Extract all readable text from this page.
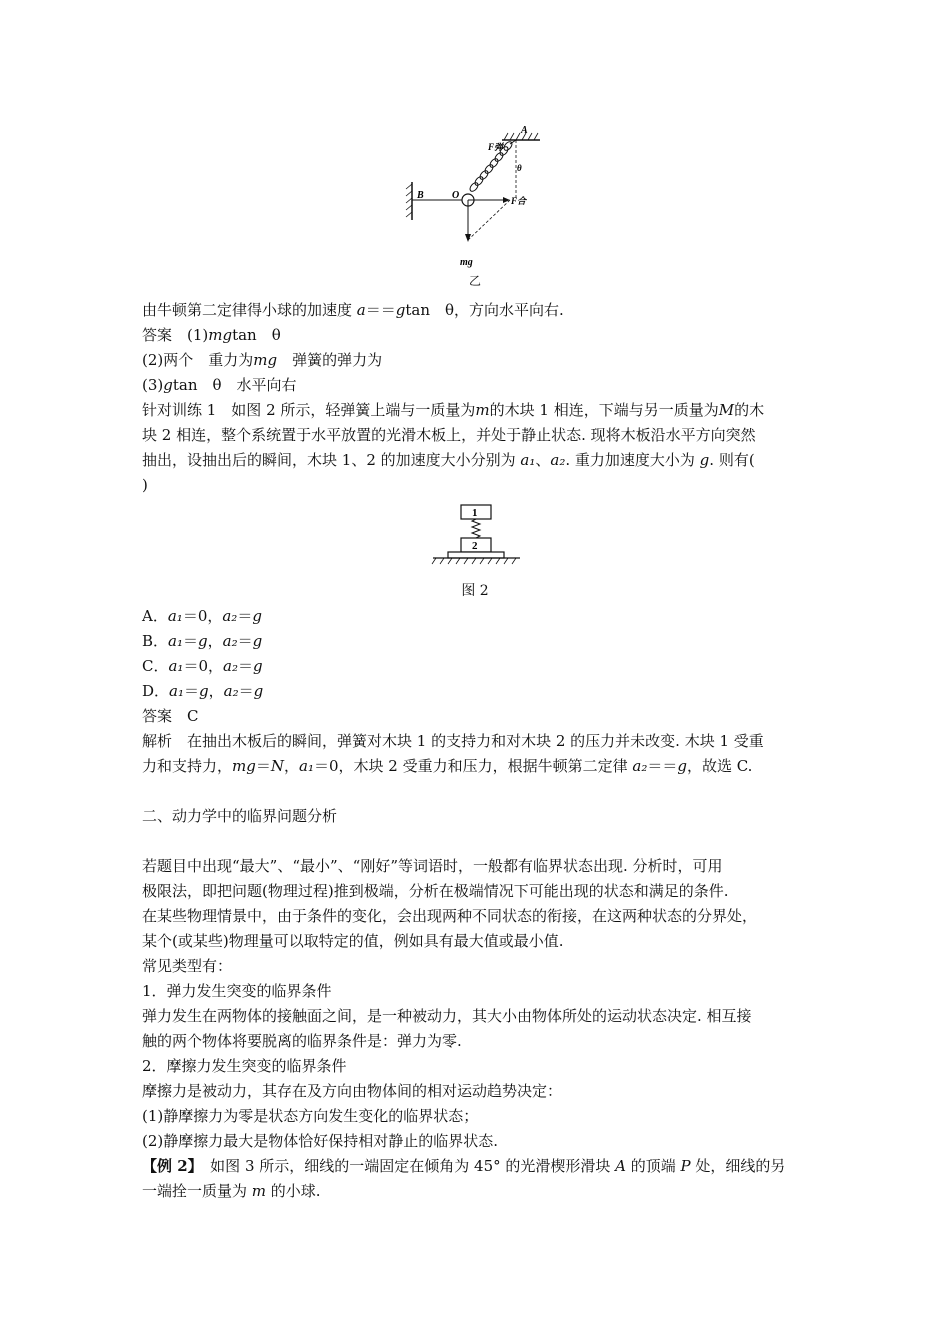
A
B	O
θ
F弹
F合
mg
乙
由牛顿第二定律得小球的加速度 a＝＝gtan　θ，方向水平向右.
答案　(1)mgtan　θ
(2)两个　重力为mg　弹簧的弹力为
(3)gtan　θ　水平向右
针对训练 1　如图 2 所示，轻弹簧上端与一质量为m的木块 1 相连，下端与另一质量为M的木
块 2 相连，整个系统置于水平放置的光滑木板上，并处于静止状态. 现将木板沿水平方向突然
抽出，设抽出后的瞬间，木块 1、2 的加速度大小分别为 a₁、a₂. 重力加速度大小为 g. 则有(
)
1
2
图 2
A．a₁＝0，a₂＝g
B．a₁＝g，a₂＝g
C．a₁＝0，a₂＝g
D．a₁＝g，a₂＝g
答案　C
解析　在抽出木板后的瞬间，弹簧对木块 1 的支持力和对木块 2 的压力并未改变. 木块 1 受重
力和支持力，mg＝N，a₁＝0，木块 2 受重力和压力，根据牛顿第二定律 a₂＝＝g，故选 C.
二、动力学中的临界问题分析
若题目中出现“最大”、“最小”、“刚好”等词语时，一般都有临界状态出现. 分析时，可用
极限法，即把问题(物理过程)推到极端，分析在极端情况下可能出现的状态和满足的条件.
在某些物理情景中，由于条件的变化，会出现两种不同状态的衔接，在这两种状态的分界处，
某个(或某些)物理量可以取特定的值，例如具有最大值或最小值.
常见类型有：
1．弹力发生突变的临界条件
弹力发生在两物体的接触面之间，是一种被动力，其大小由物体所处的运动状态决定. 相互接
触的两个物体将要脱离的临界条件是：弹力为零.
2．摩擦力发生突变的临界条件
摩擦力是被动力，其存在及方向由物体间的相对运动趋势决定：
(1)静摩擦力为零是状态方向发生变化的临界状态；
(2)静摩擦力最大是物体恰好保持相对静止的临界状态.
【例 2】　如图 3 所示，细线的一端固定在倾角为 45° 的光滑楔形滑块 A 的顶端 P 处，细线的另
一端拴一质量为 m 的小球.
